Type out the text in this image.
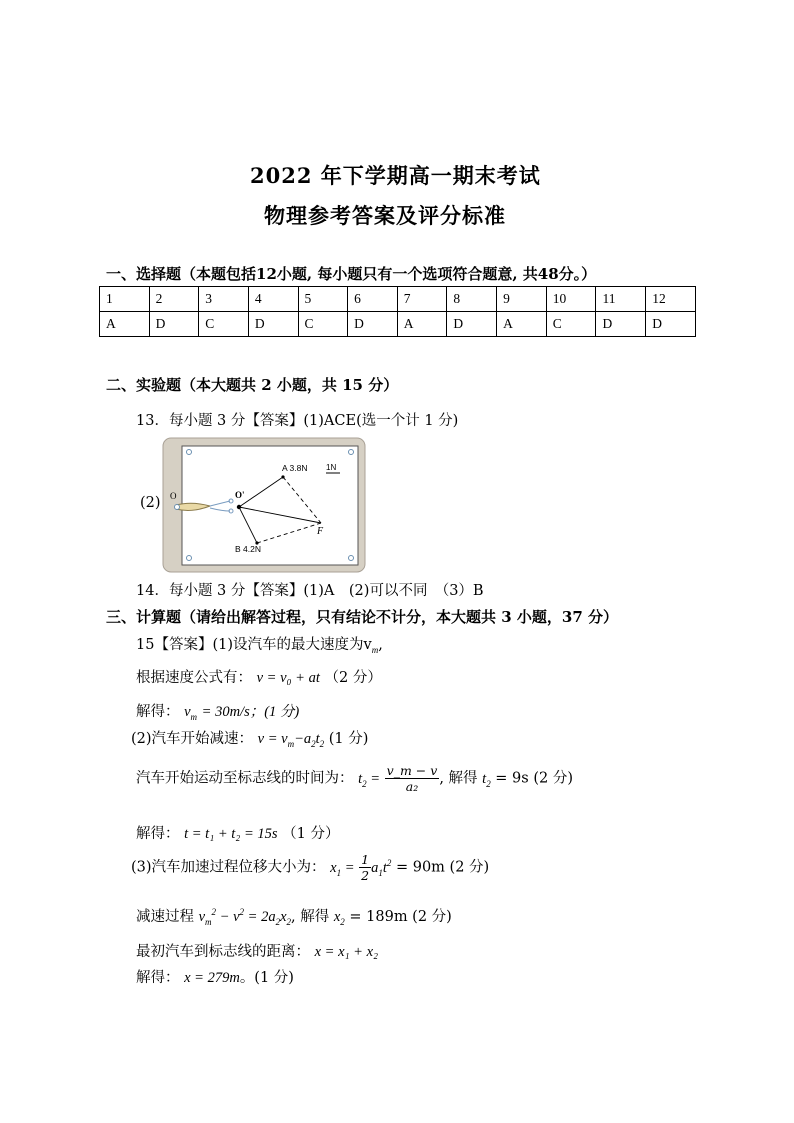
2022 年下学期高一期末考试
物理参考答案及评分标准
一、选择题（本题包括12小题, 每小题只有一个选项符合题意, 共48分。）
1	2	3	4	5	6	7	8	9	10	11	12
A	D	C	D	C	D	A	D	A	C	D	D
二、实验题（本大题共 2 小题，共 15 分）
13．每小题 3 分【答案】(1)ACE(选一个计 1 分)
(2) O	O'
A 3.8N
B 4.2N
F
1N
14．每小题 3 分【答案】(1)A　(2)可以不同　（3）B
三、计算题（请给出解答过程，只有结论不计分，本大题共 3 小题，37 分）
15【答案】(1)设汽车的最大速度为$v_m$,
根据速度公式有： v = v₀ + at （2 分）
解得： $v_m = 30m/s$；(1 分)
(2)汽车开始减速： $v = v_m-a_2t_2$ (1 分)
汽车开始运动至标志线的时间为： $t_2 = \frac{v\_m - v}{\text{a₂}}$ , 解得 $t_2 = 9s$ (2 分)
解得： t = t₁ + t₂ = 15s （1 分）
(3)汽车加速过程位移大小为： $x_1 = \frac{1}{2} a_1t^2 = 90m$ (2 分)
减速过程 $v_m^2 - v^2 = 2a_2x_2$, 解得 $x_2 = 189m$ (2 分)
最初汽车到标志线的距离： x = x₁ + x₂
解得： x = 279m。(1 分)
